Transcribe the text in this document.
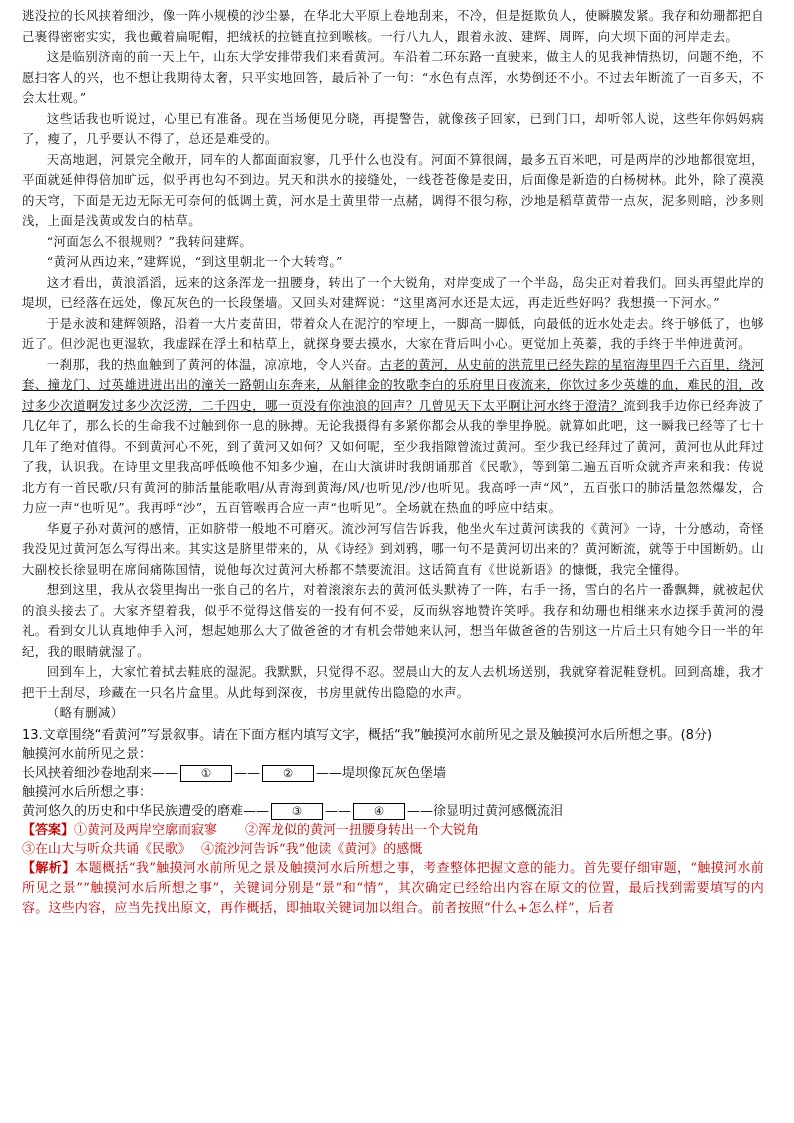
逃没拉的长风挟着细沙，像一阵小规模的沙尘暴，在华北大平原上卷地刮来，不冷，但是挺欺负人，使瞬膜发紧。我存和幼珊都把自己裹得密密实实，我也戴着扁呢帽，把绒袄的拉链直拉到喉核。一行八九人，跟着永波、建辉、周晖，向大坝下面的河岸走去。

这是临别济南的前一天上午，山东大学安排带我们来看黄河。车沿着二环东路一直驶来，做主人的见我神情热切，问题不绝，不愿扫客人的兴，也不想让我期待太奢，只平实地回答，最后补了一句：“水色有点浑，水势倒还不小。不过去年断流了一百多天，不会太壮观。”

这些话我也听说过，心里已有准备。现在当场便见分晓，再提警告，就像孩子回家，已到门口，却听邻人说，这些年你妈妈病了，瘦了，几乎要认不得了，总还是难受的。

天高地迥，河景完全敞开，同车的人都面面寂寥，几乎什么也没有。河面不算很阔，最多五百米吧，可是两岸的沙地都很宽坦，平面就延伸得倍加旷远，似乎再也勾不到边。旯天和洪水的接缝处，一线苍苍像是麦田，后面像是新造的白杨树林。此外，除了漠漠的天穹，下面是无边无际无可奈何的低调土黄，河水是土黄里带一点赭，调得不很匀称，沙地是稻草黄带一点灰，泥多则暗，沙多则浅，上面是浅黄或发白的枯草。

“河面怎么不很规则？”我转问建辉。

“黄河从西边来，”建辉说，“到这里朝北一个大转弯。”

这才看出，黄浪滔滔，远来的这条浑龙一扭腰身，转出了一个大锐角，对岸变成了一个半岛，岛尖正对着我们。回头再望此岸的堤坝，已经落在远处，像瓦灰色的一长段堡墙。又回头对建辉说：“这里离河水还是太远，再走近些好吗？我想摸一下河水。”

于是永波和建辉领路，沿着一大片麦苗田，带着众人在泥泞的窄埂上，一脚高一脚低，向最低的近水处走去。终于够低了，也够近了。但沙泥也更湿软，我虚踩在浮土和枯草上，就探身要去摸水，大家在背后叫小心。更觉加上英蓁，我的手终于半伸进黄河。

一刹那，我的热血触到了黄河的体温，凉凉地，令人兴奋。古老的黄河，从史前的洪荒里已经失踪的星宿海里四千六百里，绕河套、撞龙门、过英雄进进出出的潼关一路朝山东奔来，从斛律金的牧歌李白的乐府里日夜流来，你饮过多少英雄的血，难民的泪，改过多少次道啊发过多少次泛涝，二千四史，哪一页没有你浊浪的回声？几曾见天下太平啊让河水终于澄清？流到我手边你已经奔波了几亿年了，那么长的生命我不过触到你一息的脉搏。无论我摄得有多紧你都会从我的拳里挣脱。就算如此吧，这一瞬我已经等了七十几年了绝对值得。不到黄河心不死，到了黄河又如何？又如何呢，至少我指隙曾流过黄河。至少我已经拜过了黄河，黄河也从此拜过了我，认识我。在诗里文里我高呼低唤他不知多少遍，在山大演讲时我朗诵那首《民歌》，等到第二遍五百听众就齐声来和我：传说北方有一首民歌/只有黄河的肺活量能歌唱/从青海到黄海/风/也听见/沙/也听见。我高呼一声“风”，五百张口的肺活量忽然爆发，合力应一声“也听见”。我再呼“沙”，五百管喉再合应一声“也听见”。全场就在热血的呼应中结束。

华夏子孙对黄河的感情，正如脐带一般地不可磨灭。流沙河写信告诉我，他坐火车过黄河读我的《黄河》一诗，十分感动，奇怪我没见过黄河怎么写得出来。其实这是脐里带来的，从《诗经》到刘鸦，哪一句不是黄河切出来的？黄河断流，就等于中国断奶。山大副校长徐显明在席间痛陈国情，说他每次过黄河大桥都不禁要流泪。这话简直有《世说新语》的慷慨，我完全懂得。

想到这里，我从衣袋里掏出一张自己的名片，对着滚滚东去的黄河低头默祷了一阵，右手一扬，雪白的名片一番飘舞，就被起伏的浪头接去了。大家齐望着我，似乎不觉得这偕妄的一投有何不妥，反而纵容地赞许笑呼。我存和幼珊也相继来水边探手黄河的漫礼。看到女儿认真地伸手入河，想起她那么大了做爸爸的才有机会带她来认河，想当年做爸爸的告别这一片后土只有她今日一半的年纪，我的眼睛就湿了。

回到车上，大家忙着拭去鞋底的湿泥。我默默，只觉得不忍。翌晨山大的友人去机场送别，我就穿着泥鞋登机。回到高雄，我才把干土刮尽，珍藏在一只名片盒里。从此每到深夜，书房里就传出隐隐的水声。

（略有删减）

13.文章围绕“看黄河”写景叙事。请在下面方框内填写文字，概括“我”触摸河水前所见之景及触摸河水后所想之事。(8分)

触摸河水前所见之景：

长风挟着细沙卷地刮来—— ① —— ② ——堤坝像瓦灰色堡墙

触摸河水后所想之事：

黄河悠久的历史和中华民族遭受的磨难—— ③ —— ④ ——徐显明过黄河感慨流泪

【答案】①黄河及两岸空廓而寂寥 ②浑龙似的黄河一扭腰身转出一个大锐角

③在山大与听众共诵《民歌》 ④流沙河告诉“我”他读《黄河》的感慨

【解析】本题概括“我”触摸河水前所见之景及触摸河水后所想之事，考查整体把握文意的能力。首先要仔细审题，“触摸河水前所见之景”“触摸河水后所想之事”，关键词分别是“景”和“情”，其次确定已经给出内容在原文的位置，最后找到需要填写的内容。这些内容，应当先找出原文，再作概括，即抽取关键词加以组合。前者按照“什么+怎么样”，后者
